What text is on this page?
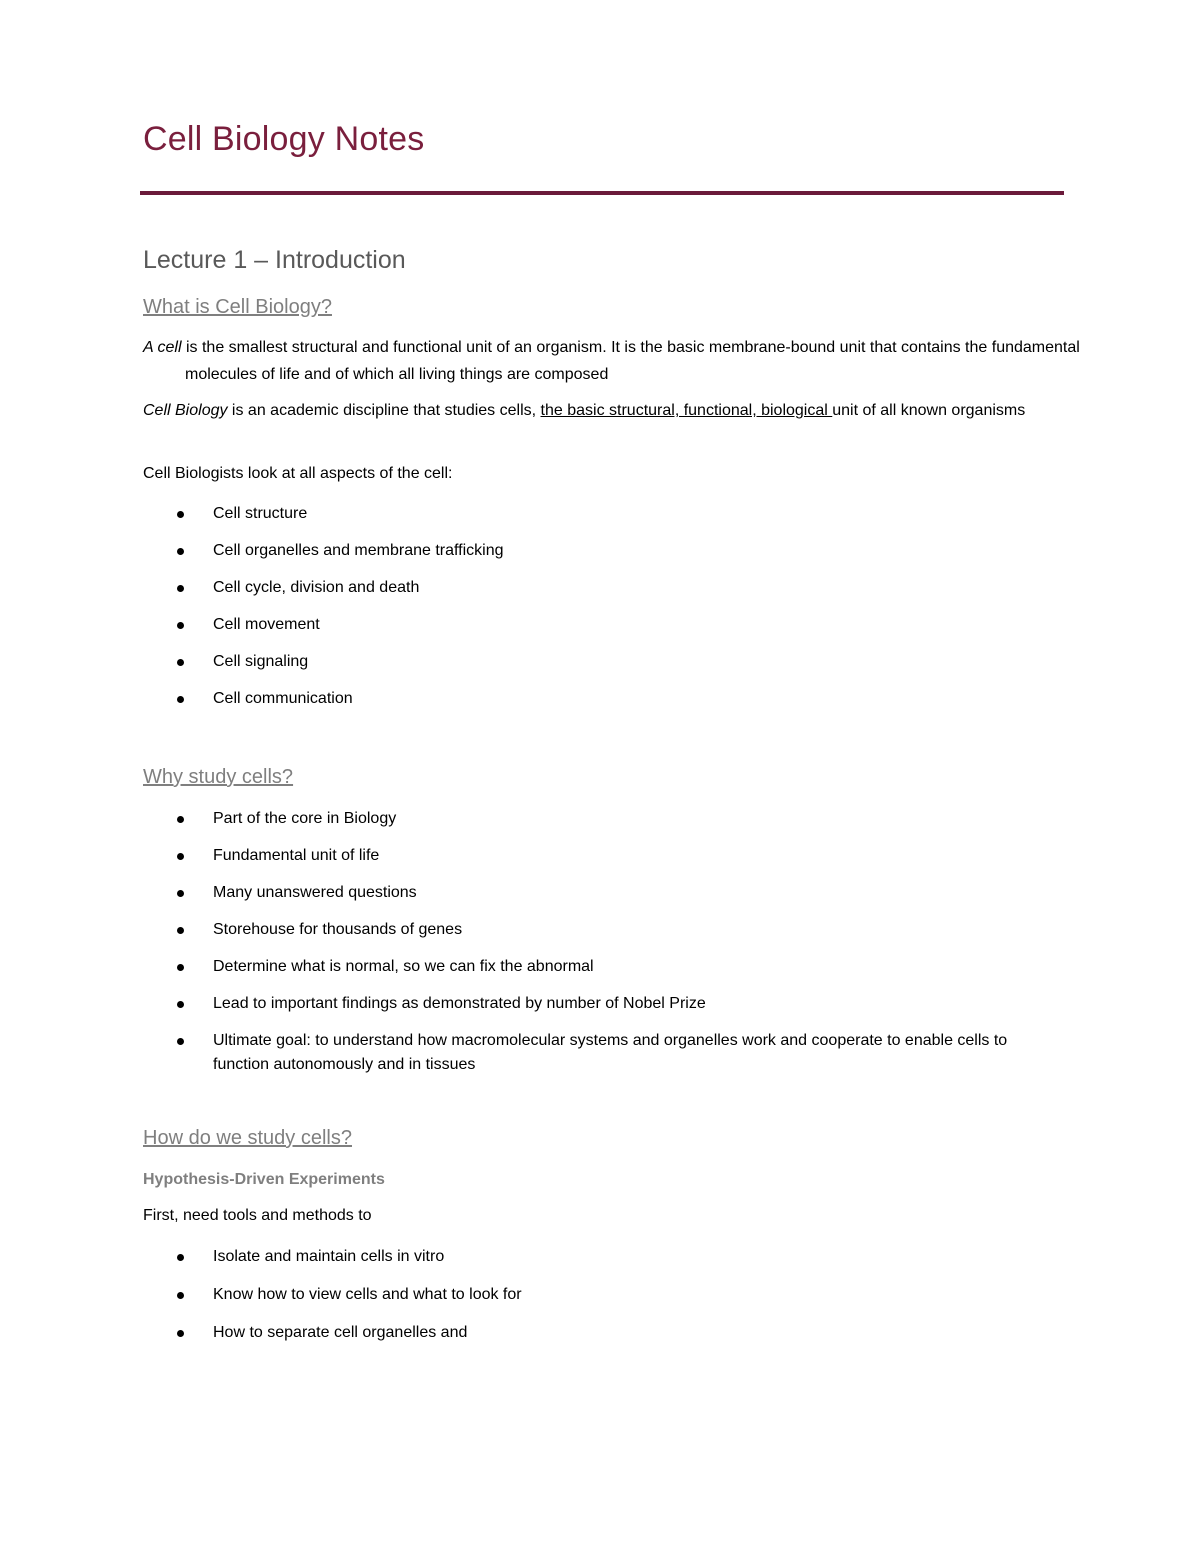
Cell Biology Notes
Lecture 1 – Introduction
What is Cell Biology?

A cell is the smallest structural and functional unit of an organism. It is the basic membrane-bound unit that contains the fundamental molecules of life and of which all living things are composed

Cell Biology is an academic discipline that studies cells, the basic structural, functional, biological unit of all known organisms

Cell Biologists look at all aspects of the cell:

Cell structure
Cell organelles and membrane trafficking
Cell cycle, division and death
Cell movement
Cell signaling
Cell communication
Why study cells?
Part of the core in Biology
Fundamental unit of life
Many unanswered questions
Storehouse for thousands of genes
Determine what is normal, so we can fix the abnormal
Lead to important findings as demonstrated by number of Nobel Prize
Ultimate goal: to understand how macromolecular systems and organelles work and cooperate to enable cells to function autonomously and in tissues
How do we study cells?
Hypothesis-Driven Experiments

First, need tools and methods to

Isolate and maintain cells in vitro
Know how to view cells and what to look for
How to separate cell organelles and
